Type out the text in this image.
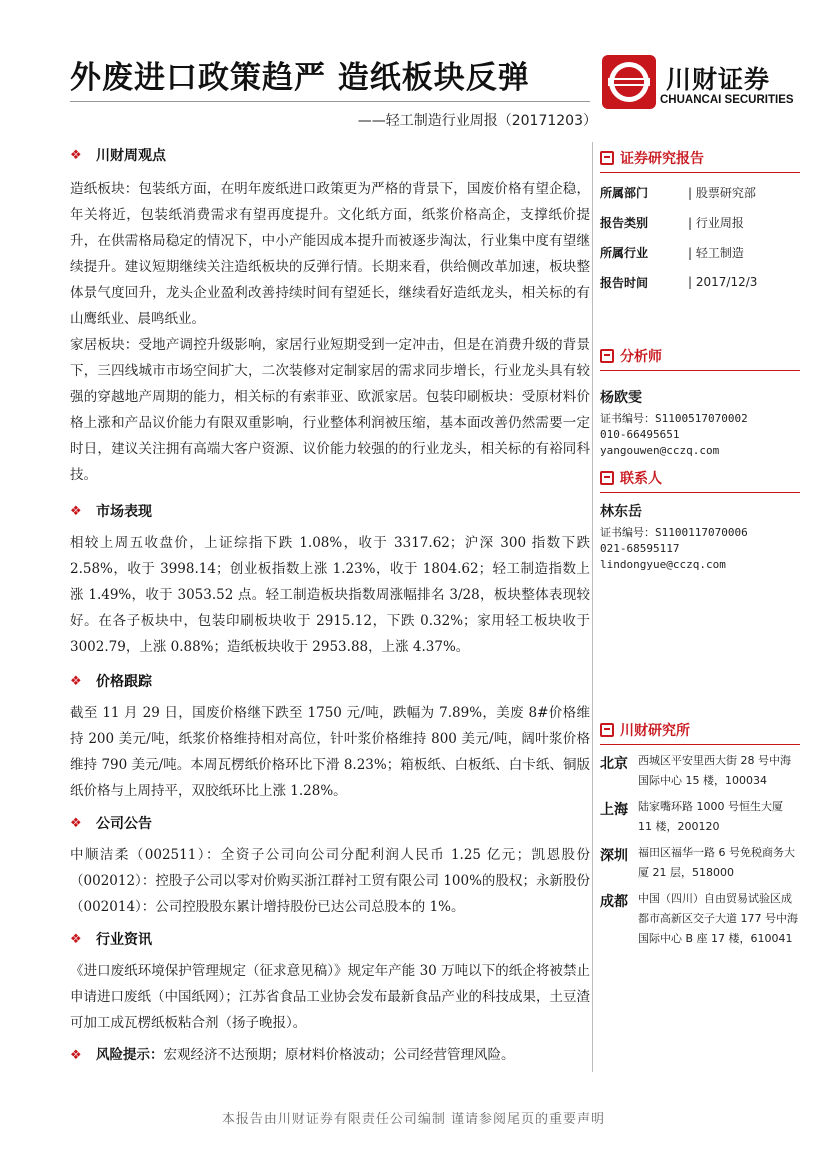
外废进口政策趋严 造纸板块反弹
——轻工制造行业周报（20171203）
川财证券
CHUANCAI SECURITIES
❖	川财周观点

造纸板块：包装纸方面，在明年废纸进口政策更为严格的背景下，国废价格有望企稳，年关将近，包装纸消费需求有望再度提升。文化纸方面，纸浆价格高企，支撑纸价提升，在供需格局稳定的情况下，中小产能因成本提升而被逐步淘汰，行业集中度有望继续提升。建议短期继续关注造纸板块的反弹行情。长期来看，供给侧改革加速，板块整体景气度回升，龙头企业盈利改善持续时间有望延长，继续看好造纸龙头，相关标的有山鹰纸业、晨鸣纸业。

家居板块：受地产调控升级影响，家居行业短期受到一定冲击，但是在消费升级的背景下，三四线城市市场空间扩大，二次装修对定制家居的需求同步增长，行业龙头具有较强的穿越地产周期的能力，相关标的有索菲亚、欧派家居。包装印刷板块：受原材料价格上涨和产品议价能力有限双重影响，行业整体利润被压缩，基本面改善仍然需要一定时日，建议关注拥有高端大客户资源、议价能力较强的的行业龙头，相关标的有裕同科技。

❖	市场表现

相较上周五收盘价，上证综指下跌 1.08%，收于 3317.62；沪深 300 指数下跌 2.58%，收于 3998.14；创业板指数上涨 1.23%，收于 1804.62；轻工制造指数上涨 1.49%，收于 3053.52 点。轻工制造板块指数周涨幅排名 3/28，板块整体表现较好。在各子板块中，包装印刷板块收于 2915.12，下跌 0.32%；家用轻工板块收于 3002.79，上涨 0.88%；造纸板块收于 2953.88，上涨 4.37%。

❖	价格跟踪

截至 11 月 29 日，国废价格继下跌至 1750 元/吨，跌幅为 7.89%，美废 8#价格维持 200 美元/吨，纸浆价格维持相对高位，针叶浆价格维持 800 美元/吨，阔叶浆价格维持 790 美元/吨。本周瓦楞纸价格环比下滑 8.23%；箱板纸、白板纸、白卡纸、铜版纸价格与上周持平，双胶纸环比上涨 1.28%。

❖	公司公告

中顺洁柔（002511）：全资子公司向公司分配利润人民币 1.25 亿元；凯恩股份（002012）：控股子公司以零对价购买浙江群衬工贸有限公司 100%的股权；永新股份（002014）：公司控股股东累计增持股份已达公司总股本的 1%。

❖	行业资讯

《进口废纸环境保护管理规定（征求意见稿）》规定年产能 30 万吨以下的纸企将被禁止申请进口废纸（中国纸网）；江苏省食品工业协会发布最新食品产业的科技成果，土豆渣可加工成瓦楞纸板粘合剂（扬子晚报）。

❖ 风险提示：宏观经济不达预期；原材料价格波动；公司经营管理风险。
证券研究报告
所属部门	| 股票研究部
报告类别	| 行业周报
所属行业	| 轻工制造
报告时间	| 2017/12/3
分析师
杨欧雯
证书编号：S1100517070002
010-66495651
yangouwen@cczq.com
联系人
林东岳
证书编号：S1100117070006
021-68595117
lindongyue@cczq.com
川财研究所
北京 西城区平安里西大街 28 号中海国际中心 15 楼，100034
上海 陆家嘴环路 1000 号恒生大厦 11 楼，200120
深圳 福田区福华一路 6 号免税商务大厦 21 层，518000
成都 中国（四川）自由贸易试验区成都市高新区交子大道 177 号中海国际中心 B 座 17 楼，610041
本报告由川财证券有限责任公司编制 谨请参阅尾页的重要声明
